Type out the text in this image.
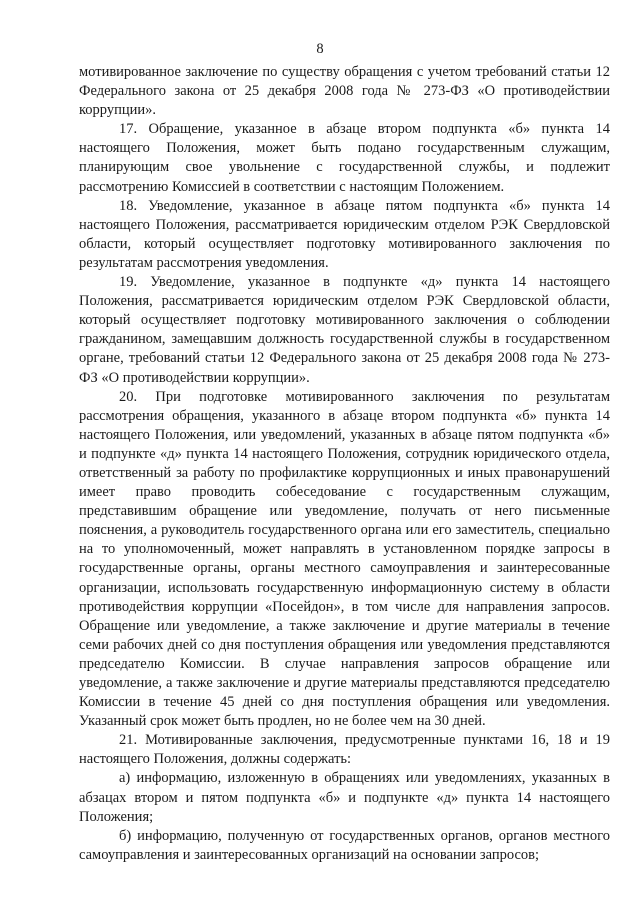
8

мотивированное заключение по существу обращения с учетом требований статьи 12 Федерального закона от 25 декабря 2008 года № 273-ФЗ «О противодействии коррупции».

17. Обращение, указанное в абзаце втором подпункта «б» пункта 14 настоящего Положения, может быть подано государственным служащим, планирующим свое увольнение с государственной службы, и подлежит рассмотрению Комиссией в соответствии с настоящим Положением.

18. Уведомление, указанное в абзаце пятом подпункта «б» пункта 14 настоящего Положения, рассматривается юридическим отделом РЭК Свердловской области, который осуществляет подготовку мотивированного заключения по результатам рассмотрения уведомления.

19. Уведомление, указанное в подпункте «д» пункта 14 настоящего Положения, рассматривается юридическим отделом РЭК Свердловской области, который осуществляет подготовку мотивированного заключения о соблюдении гражданином, замещавшим должность государственной службы в государственном органе, требований статьи 12 Федерального закона от 25 декабря 2008 года № 273-ФЗ «О противодействии коррупции».

20. При подготовке мотивированного заключения по результатам рассмотрения обращения, указанного в абзаце втором подпункта «б» пункта 14 настоящего Положения, или уведомлений, указанных в абзаце пятом подпункта «б» и подпункте «д» пункта 14 настоящего Положения, сотрудник юридического отдела, ответственный за работу по профилактике коррупционных и иных правонарушений имеет право проводить собеседование с государственным служащим, представившим обращение или уведомление, получать от него письменные пояснения, а руководитель государственного органа или его заместитель, специально на то уполномоченный, может направлять в установленном порядке запросы в государственные органы, органы местного самоуправления и заинтересованные организации, использовать государственную информационную систему в области противодействия коррупции «Посейдон», в том числе для направления запросов. Обращение или уведомление, а также заключение и другие материалы в течение семи рабочих дней со дня поступления обращения или уведомления представляются председателю Комиссии. В случае направления запросов обращение или уведомление, а также заключение и другие материалы представляются председателю Комиссии в течение 45 дней со дня поступления обращения или уведомления. Указанный срок может быть продлен, но не более чем на 30 дней.

21. Мотивированные заключения, предусмотренные пунктами 16, 18 и 19 настоящего Положения, должны содержать:

а) информацию, изложенную в обращениях или уведомлениях, указанных в абзацах втором и пятом подпункта «б» и подпункте «д» пункта 14 настоящего Положения;

б) информацию, полученную от государственных органов, органов местного самоуправления и заинтересованных организаций на основании запросов;
